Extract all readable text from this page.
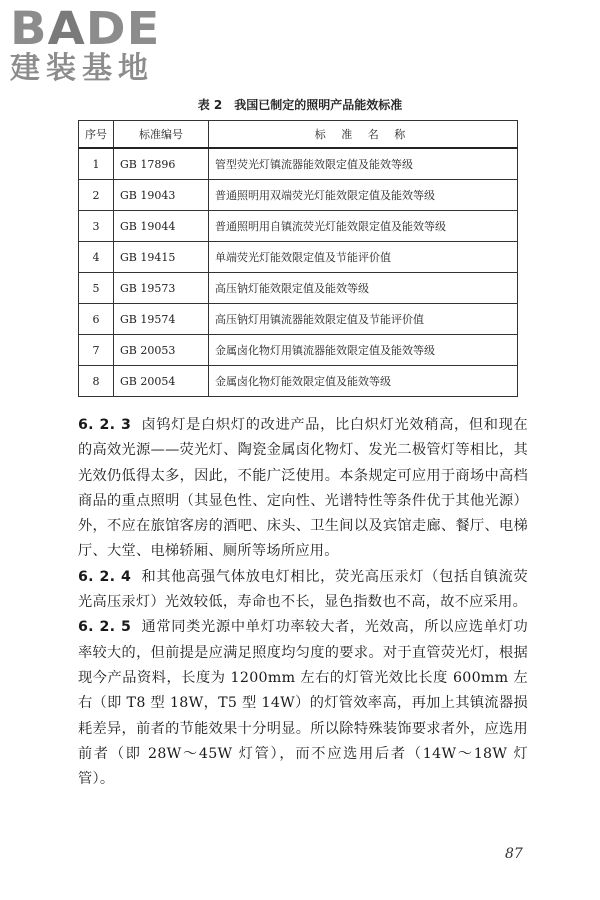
BADE
建装基地
表 2　我国已制定的照明产品能效标准
序号	标准编号	标 准 名 称
1	GB 17896	管型荧光灯镇流器能效限定值及能效等级
2	GB 19043	普通照明用双端荧光灯能效限定值及能效等级
3	GB 19044	普通照明用自镇流荧光灯能效限定值及能效等级
4	GB 19415	单端荧光灯能效限定值及节能评价值
5	GB 19573	高压钠灯能效限定值及能效等级
6	GB 19574	高压钠灯用镇流器能效限定值及节能评价值
7	GB 20053	金属卤化物灯用镇流器能效限定值及能效等级
8	GB 20054	金属卤化物灯能效限定值及能效等级

6. 2. 3 卤钨灯是白炽灯的改进产品，比白炽灯光效稍高，但和现在的高效光源——荧光灯、陶瓷金属卤化物灯、发光二极管灯等相比，其光效仍低得太多，因此，不能广泛使用。本条规定可应用于商场中高档商品的重点照明（其显色性、定向性、光谱特性等条件优于其他光源）外，不应在旅馆客房的酒吧、床头、卫生间以及宾馆走廊、餐厅、电梯厅、大堂、电梯轿厢、厕所等场所应用。

6. 2. 4 和其他高强气体放电灯相比，荧光高压汞灯（包括自镇流荧光高压汞灯）光效较低，寿命也不长，显色指数也不高，故不应采用。

6. 2. 5 通常同类光源中单灯功率较大者，光效高，所以应选单灯功率较大的，但前提是应满足照度均匀度的要求。对于直管荧光灯，根据现今产品资料，长度为 1200mm 左右的灯管光效比长度 600mm 左右（即 T8 型 18W，T5 型 14W）的灯管效率高，再加上其镇流器损耗差异，前者的节能效果十分明显。所以除特殊装饰要求者外，应选用前者（即 28W～45W 灯管），而不应选用后者（14W～18W 灯管）。

87
